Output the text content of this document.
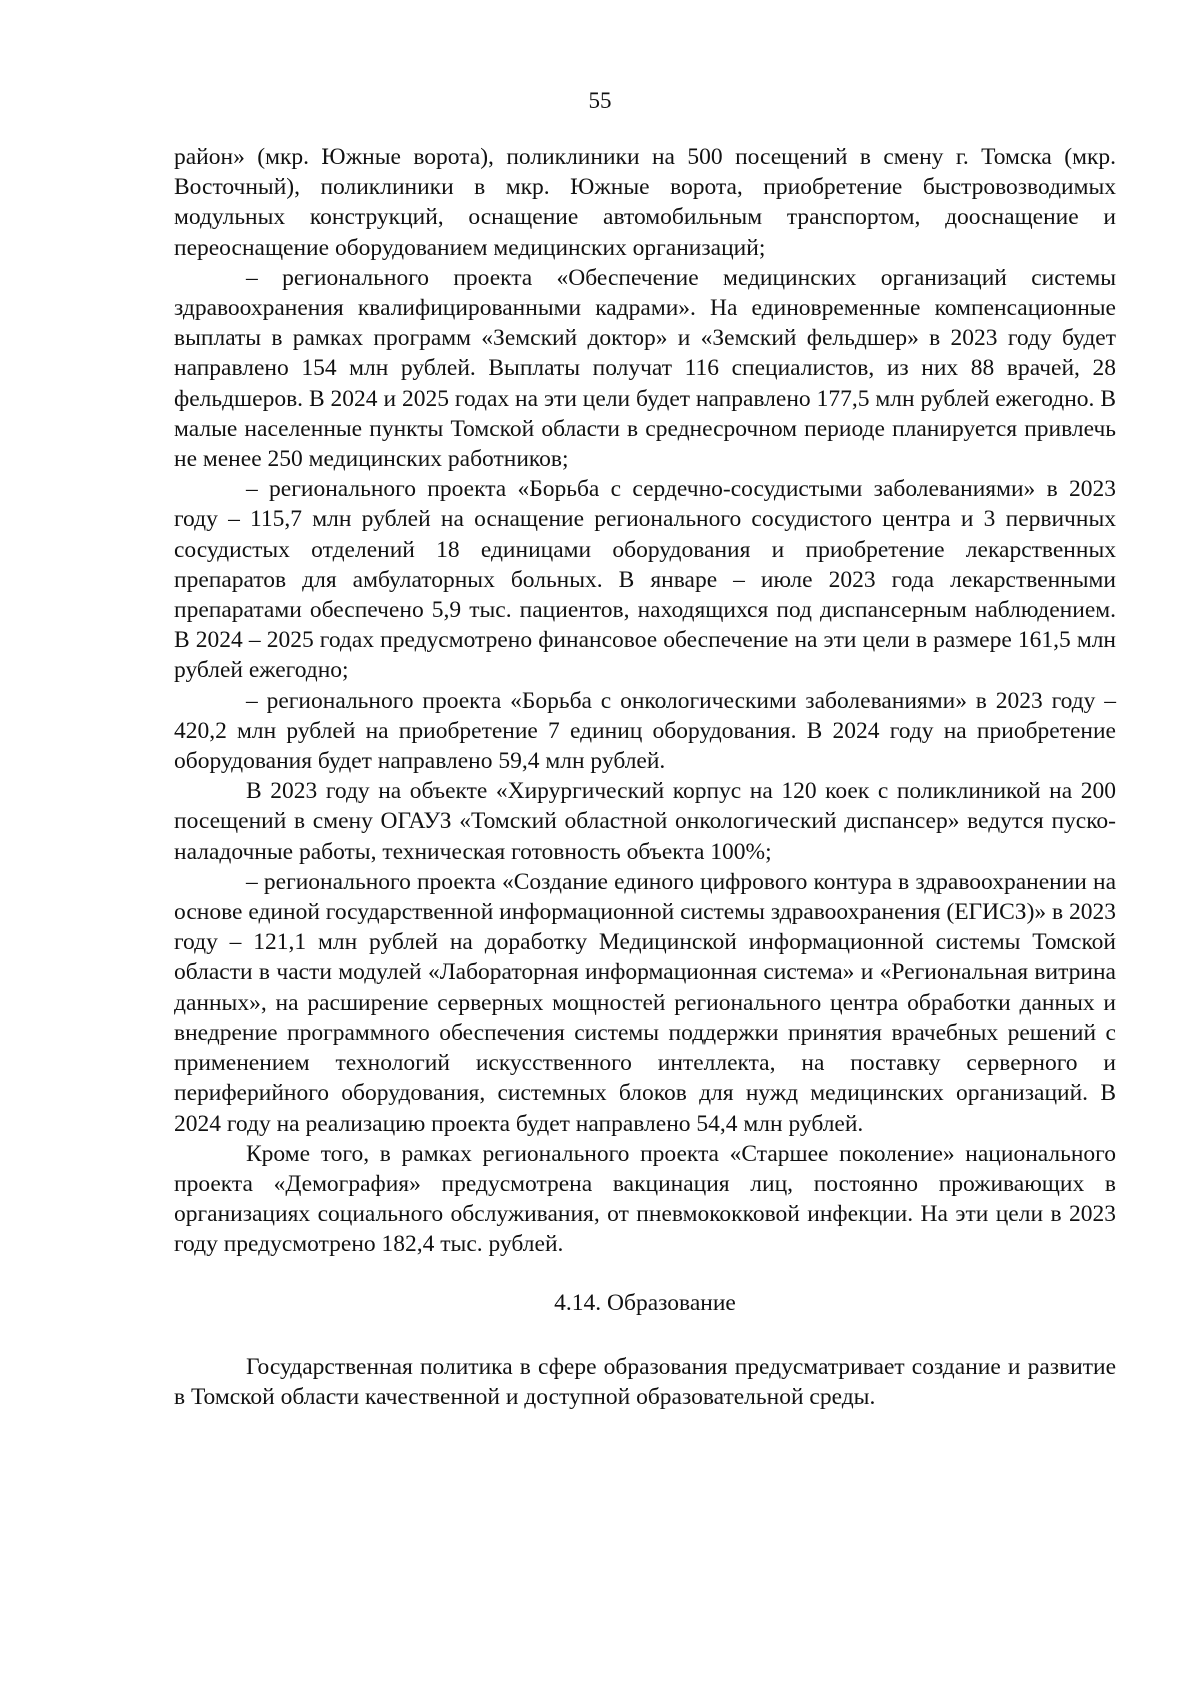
55

район» (мкр. Южные ворота), поликлиники на 500 посещений в смену г. Томска (мкр. Восточный), поликлиники в мкр. Южные ворота, приобретение быстровозводимых модульных конструкций, оснащение автомобильным транспортом, дооснащение и переоснащение оборудованием медицинских организаций;

– регионального проекта «Обеспечение медицинских организаций системы здравоохранения квалифицированными кадрами». На единовременные компенсационные выплаты в рамках программ «Земский доктор» и «Земский фельдшер» в 2023 году будет направлено 154 млн рублей. Выплаты получат 116 специалистов, из них 88 врачей, 28 фельдшеров. В 2024 и 2025 годах на эти цели будет направлено 177,5 млн рублей ежегодно. В малые населенные пункты Томской области в среднесрочном периоде планируется привлечь не менее 250 медицинских работников;

– регионального проекта «Борьба с сердечно-сосудистыми заболеваниями» в 2023 году – 115,7 млн рублей на оснащение регионального сосудистого центра и 3 первичных сосудистых отделений 18 единицами оборудования и приобретение лекарственных препаратов для амбулаторных больных. В январе – июле 2023 года лекарственными препаратами обеспечено 5,9 тыс. пациентов, находящихся под диспансерным наблюдением. В 2024 – 2025 годах предусмотрено финансовое обеспечение на эти цели в размере 161,5 млн рублей ежегодно;

– регионального проекта «Борьба с онкологическими заболеваниями» в 2023 году – 420,2 млн рублей на приобретение 7 единиц оборудования. В 2024 году на приобретение оборудования будет направлено 59,4 млн рублей.

В 2023 году на объекте «Хирургический корпус на 120 коек с поликлиникой на 200 посещений в смену ОГАУЗ «Томский областной онкологический диспансер» ведутся пуско-наладочные работы, техническая готовность объекта 100%;

– регионального проекта «Создание единого цифрового контура в здравоохранении на основе единой государственной информационной системы здравоохранения (ЕГИСЗ)» в 2023 году – 121,1 млн рублей на доработку Медицинской информационной системы Томской области в части модулей «Лабораторная информационная система» и «Региональная витрина данных», на расширение серверных мощностей регионального центра обработки данных и внедрение программного обеспечения системы поддержки принятия врачебных решений с применением технологий искусственного интеллекта, на поставку серверного и периферийного оборудования, системных блоков для нужд медицинских организаций. В 2024 году на реализацию проекта будет направлено 54,4 млн рублей.

Кроме того, в рамках регионального проекта «Старшее поколение» национального проекта «Демография» предусмотрена вакцинация лиц, постоянно проживающих в организациях социального обслуживания, от пневмококковой инфекции. На эти цели в 2023 году предусмотрено 182,4 тыс. рублей.

4.14. Образование

Государственная политика в сфере образования предусматривает создание и развитие в Томской области качественной и доступной образовательной среды.
